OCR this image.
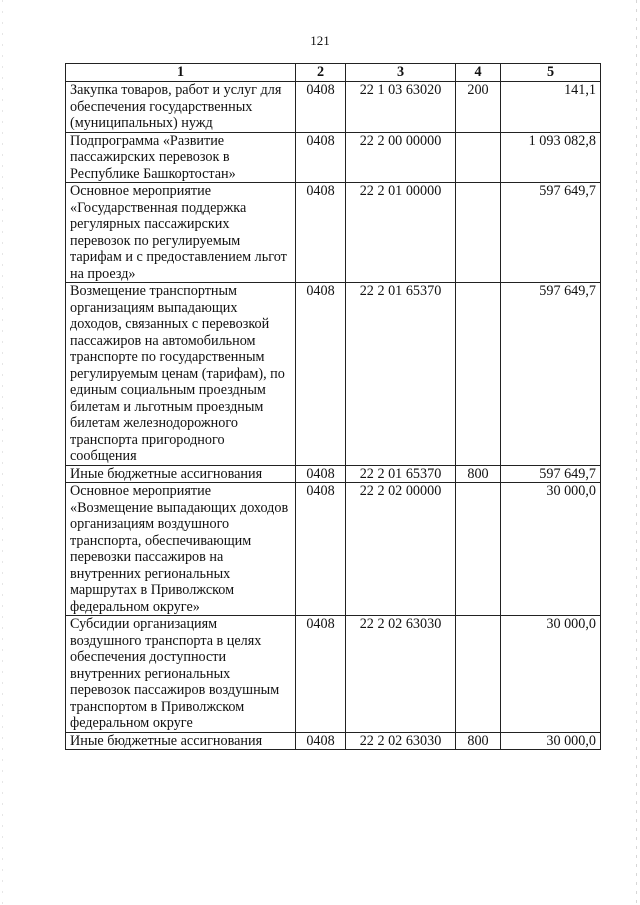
121
1	2	3	4	5
Закупка товаров, работ и услуг для обеспечения государственных (муниципальных) нужд	0408	22 1 03 63020	200	141,1
Подпрограмма «Развитие пассажирских перевозок в Республике Башкортостан»	0408	22 2 00 00000		1 093 082,8
Основное мероприятие «Государственная поддержка регулярных пассажирских перевозок по регулируемым тарифам и с предоставлением льгот на проезд»	0408	22 2 01 00000		597 649,7
Возмещение транспортным организациям выпадающих доходов, связанных с перевозкой пассажиров на автомобильном транспорте по государственным регулируемым ценам (тарифам), по единым социальным проездным билетам и льготным проездным билетам железнодорожного транспорта пригородного сообщения	0408	22 2 01 65370		597 649,7
Иные бюджетные ассигнования	0408	22 2 01 65370	800	597 649,7
Основное мероприятие «Возмещение выпадающих доходов организациям воздушного транспорта, обеспечивающим перевозки пассажиров на внутренних региональных маршрутах в Приволжском федеральном округе»	0408	22 2 02 00000		30 000,0
Субсидии организациям воздушного транспорта в целях обеспечения доступности внутренних региональных перевозок пассажиров воздушным транспортом в Приволжском федеральном округе	0408	22 2 02 63030		30 000,0
Иные бюджетные ассигнования	0408	22 2 02 63030	800	30 000,0
